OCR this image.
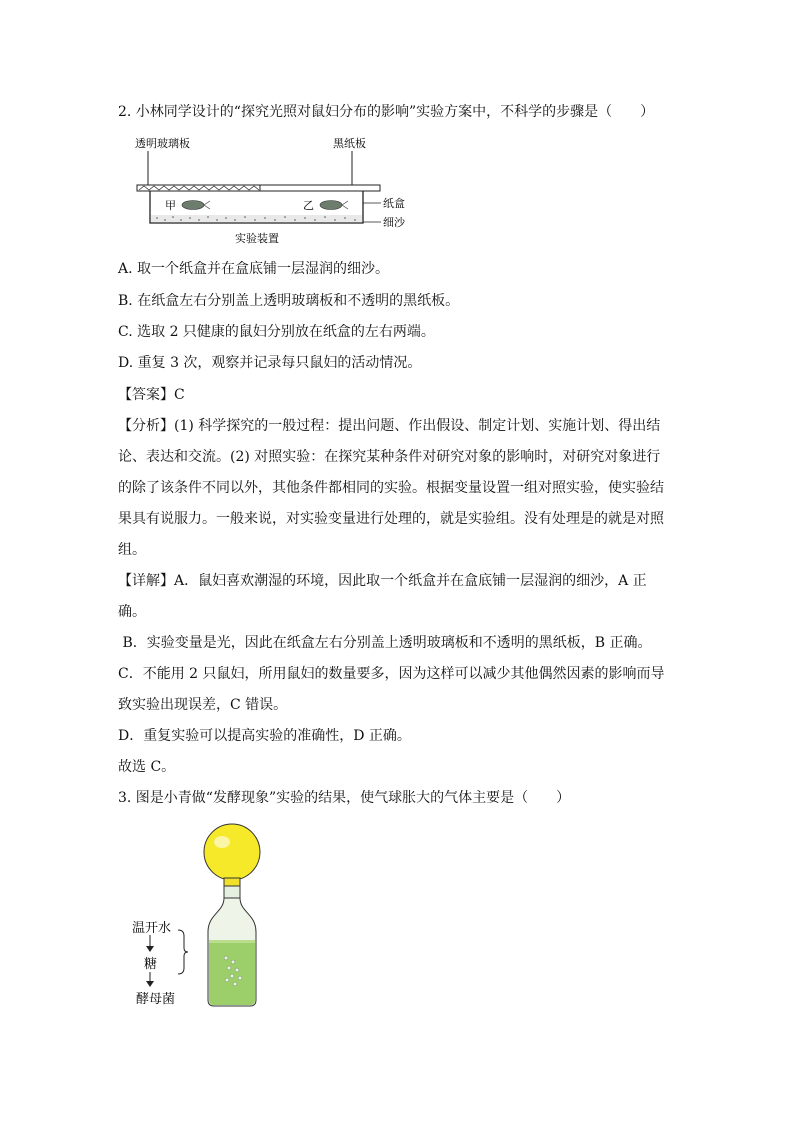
2. 小林同学设计的“探究光照对鼠妇分布的影响”实验方案中，不科学的步骤是（　　）
透明玻璃板	黑纸板
甲	乙	纸盒
细沙
实验装置
A. 取一个纸盒并在盒底铺一层湿润的细沙。
B. 在纸盒左右分别盖上透明玻璃板和不透明的黑纸板。
C. 选取 2 只健康的鼠妇分别放在纸盒的左右两端。
D. 重复 3 次，观察并记录每只鼠妇的活动情况。
【答案】C
【分析】(1) 科学探究的一般过程：提出问题、作出假设、制定计划、实施计划、得出结
论、表达和交流。(2) 对照实验：在探究某种条件对研究对象的影响时，对研究对象进行
的除了该条件不同以外，其他条件都相同的实验。根据变量设置一组对照实验，使实验结
果具有说服力。一般来说，对实验变量进行处理的，就是实验组。没有处理是的就是对照
组。
【详解】A．鼠妇喜欢潮湿的环境，因此取一个纸盒并在盒底铺一层湿润的细沙，A 正
确。
B．实验变量是光，因此在纸盒左右分别盖上透明玻璃板和不透明的黑纸板，B 正确。
C．不能用 2 只鼠妇，所用鼠妇的数量要多，因为这样可以减少其他偶然因素的影响而导
致实验出现误差，C 错误。
D．重复实验可以提高实验的准确性，D 正确。
故选 C。
3. 图是小青做“发酵现象”实验的结果，使气球胀大的气体主要是（　　）
温开水
糖
酵母菌
